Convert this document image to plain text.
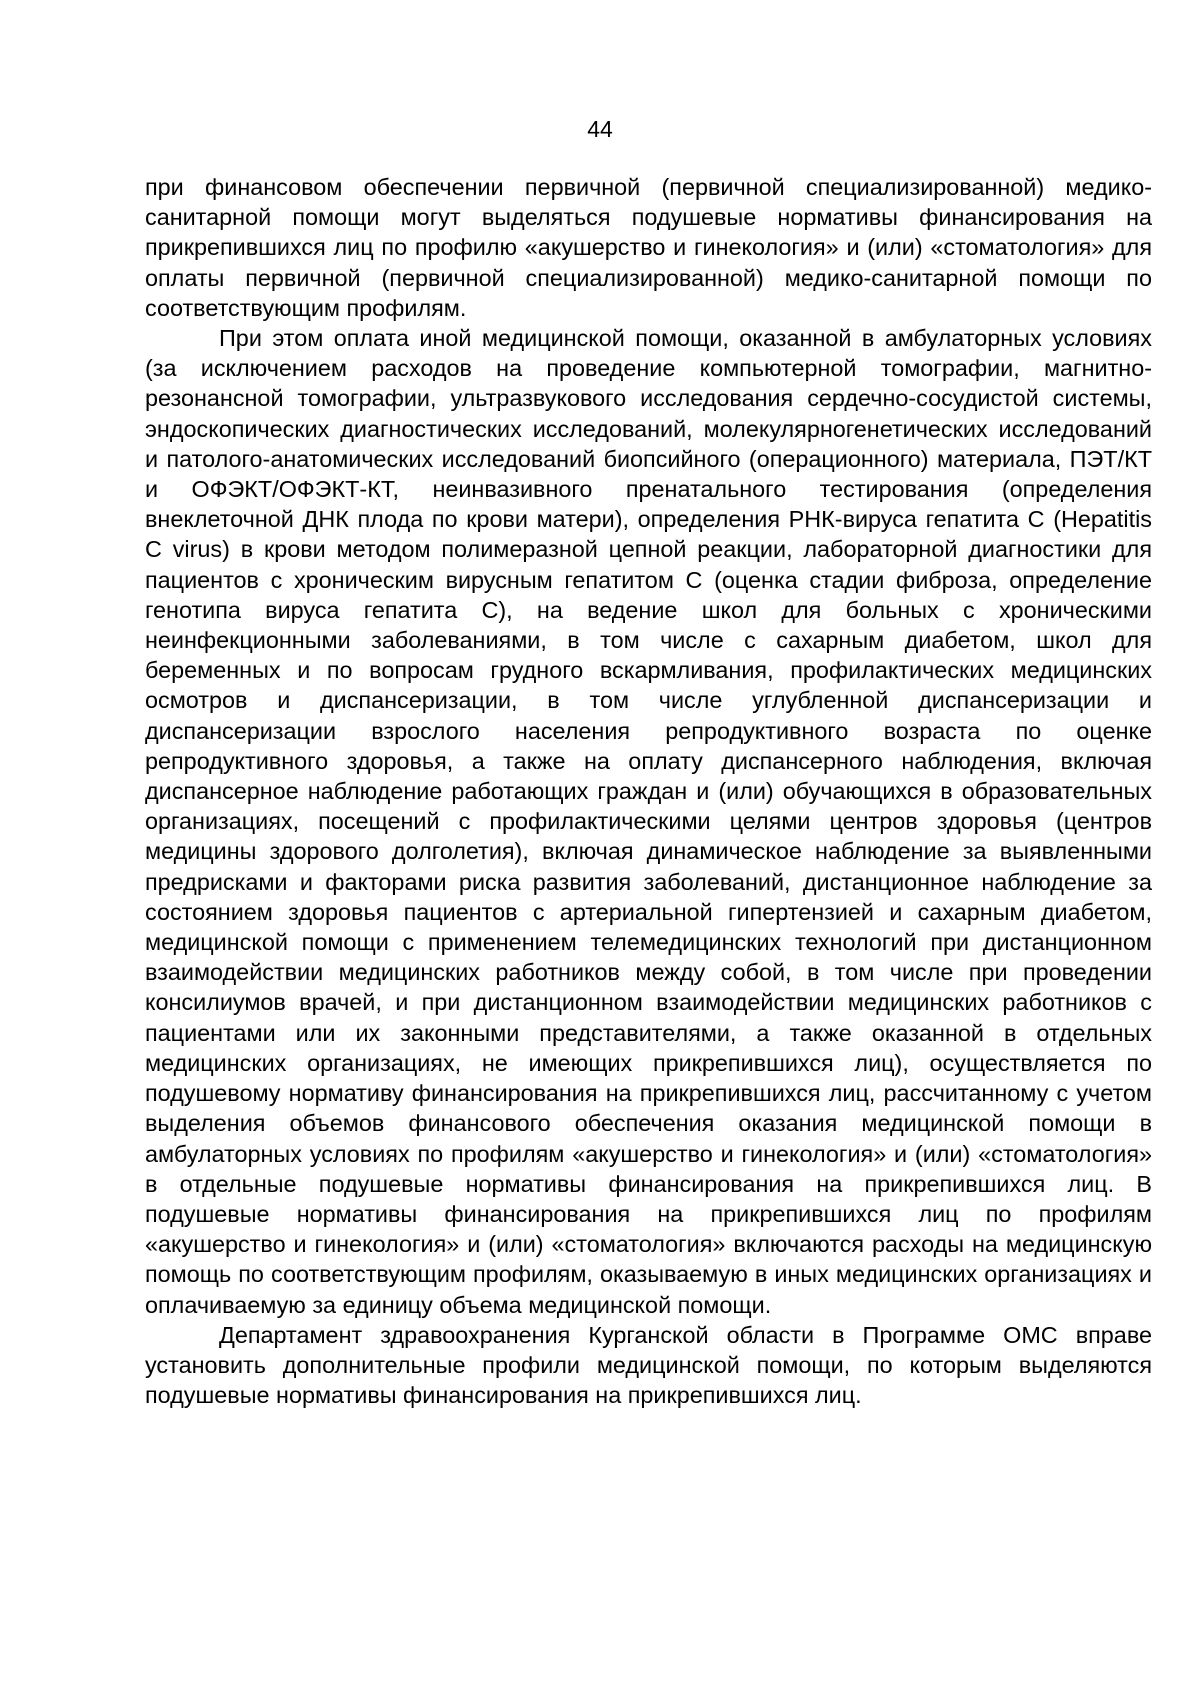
44

при финансовом обеспечении первичной (первичной специализированной) медико-санитарной помощи могут выделяться подушевые нормативы финансирования на прикрепившихся лиц по профилю «акушерство и гинекология» и (или) «стоматология» для оплаты первичной (первичной специализированной) медико-санитарной помощи по соответствующим профилям.

При этом оплата иной медицинской помощи, оказанной в амбулаторных условиях (за исключением расходов на проведение компьютерной томографии, магнитно-резонансной томографии, ультразвукового исследования сердечно-сосудистой системы, эндоскопических диагностических исследований, молекулярногенетических исследований и патолого-анатомических исследований биопсийного (операционного) материала, ПЭТ/КТ и ОФЭКТ/ОФЭКТ-КТ, неинвазивного пренатального тестирования (определения внеклеточной ДНК плода по крови матери), определения РНК-вируса гепатита С (Hepatitis C virus) в крови методом полимеразной цепной реакции, лабораторной диагностики для пациентов с хроническим вирусным гепатитом С (оценка стадии фиброза, определение генотипа вируса гепатита С), на ведение школ для больных с хроническими неинфекционными заболеваниями, в том числе с сахарным диабетом, школ для беременных и по вопросам грудного вскармливания, профилактических медицинских осмотров и диспансеризации, в том числе углубленной диспансеризации и диспансеризации взрослого населения репродуктивного возраста по оценке репродуктивного здоровья, а также на оплату диспансерного наблюдения, включая диспансерное наблюдение работающих граждан и (или) обучающихся в образовательных организациях, посещений с профилактическими целями центров здоровья (центров медицины здорового долголетия), включая динамическое наблюдение за выявленными предрисками и факторами риска развития заболеваний, дистанционное наблюдение за состоянием здоровья пациентов с артериальной гипертензией и сахарным диабетом, медицинской помощи с применением телемедицинских технологий при дистанционном взаимодействии медицинских работников между собой, в том числе при проведении консилиумов врачей, и при дистанционном взаимодействии медицинских работников с пациентами или их законными представителями, а также оказанной в отдельных медицинских организациях, не имеющих прикрепившихся лиц), осуществляется по подушевому нормативу финансирования на прикрепившихся лиц, рассчитанному с учетом выделения объемов финансового обеспечения оказания медицинской помощи в амбулаторных условиях по профилям «акушерство и гинекология» и (или) «стоматология» в отдельные подушевые нормативы финансирования на прикрепившихся лиц. В подушевые нормативы финансирования на прикрепившихся лиц по профилям «акушерство и гинекология» и (или) «стоматология» включаются расходы на медицинскую помощь по соответствующим профилям, оказываемую в иных медицинских организациях и оплачиваемую за единицу объема медицинской помощи.

Департамент здравоохранения Курганской области в Программе ОМС вправе установить дополнительные профили медицинской помощи, по которым выделяются подушевые нормативы финансирования на прикрепившихся лиц.
